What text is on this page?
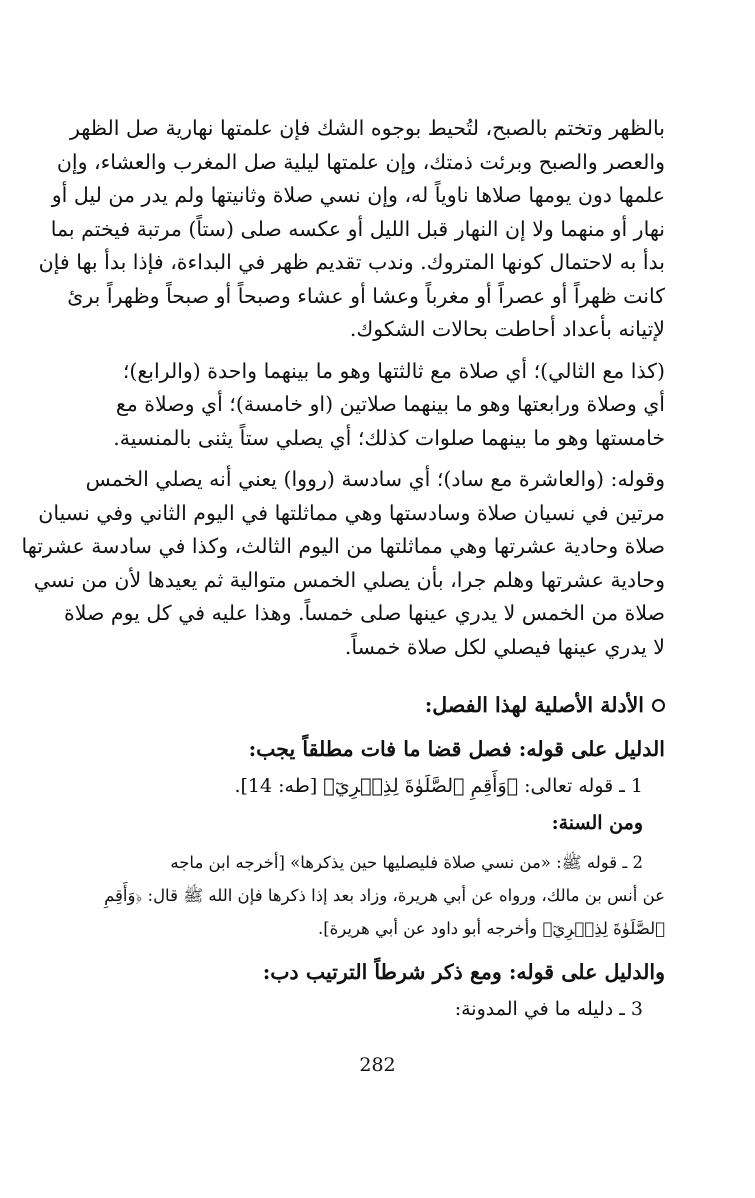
بالظهر وتختم بالصبح، لتُحيط بوجوه الشك فإن علمتها نهارية صل الظهر
والعصر والصبح وبرئت ذمتك، وإن علمتها ليلية صل المغرب والعشاء، وإن
علمها دون يومها صلاها ناوياً له، وإن نسي صلاة وثانيتها ولم يدر من ليل أو
نهار أو منهما ولا إن النهار قبل الليل أو عكسه صلى (ستاً) مرتبة فيختم بما
بدأ به لاحتمال كونها المتروك. وندب تقديم ظهر في البداءة، فإذا بدأ بها فإن
كانت ظهراً أو عصراً أو مغرباً وعشا أو عشاء وصبحاً أو صبحاً وظهراً برئ
لإتيانه بأعداد أحاطت بحالات الشكوك.
(كذا مع الثالي)؛ أي صلاة مع ثالثتها وهو ما بينهما واحدة (والرابع)؛
أي وصلاة ورابعتها وهو ما بينهما صلاتين (او خامسة)؛ أي وصلاة مع
خامستها وهو ما بينهما صلوات كذلك؛ أي يصلي ستاً يثنى بالمنسية.
وقوله: (والعاشرة مع ساد)؛ أي سادسة (رووا) يعني أنه يصلي الخمس
مرتين في نسيان صلاة وسادستها وهي مماثلتها في اليوم الثاني وفي نسيان
صلاة وحادية عشرتها وهي مماثلتها من اليوم الثالث، وكذا في سادسة عشرتها
وحادية عشرتها وهلم جرا، بأن يصلي الخمس متوالية ثم يعيدها لأن من نسي
صلاة من الخمس لا يدري عينها صلى خمساً. وهذا عليه في كل يوم صلاة
لا يدري عينها فيصلي لكل صلاة خمساً.
الأدلة الأصلية لهذا الفصل:
الدليل على قوله: فصل قضا ما فات مطلقاً يجب:
1 ـ قوله تعالى: ﴿وَأَقِمِ ٱلصَّلَوٰةَ لِذِكۡرِيٓ﴾ [طه: 14].
ومن السنة:
2 ـ قوله ﷺ: «من نسي صلاة فليصليها حين يذكرها» [أخرجه ابن ماجه
عن أنس بن مالك، ورواه عن أبي هريرة، وزاد بعد إذا ذكرها فإن الله ﷺ قال: ﴿وَأَقِمِ
ٱلصَّلَوٰةَ لِذِكۡرِيٓ﴾ وأخرجه أبو داود عن أبي هريرة].
والدليل على قوله: ومع ذكر شرطاً الترتيب دب:
3 ـ دليله ما في المدونة:
282
